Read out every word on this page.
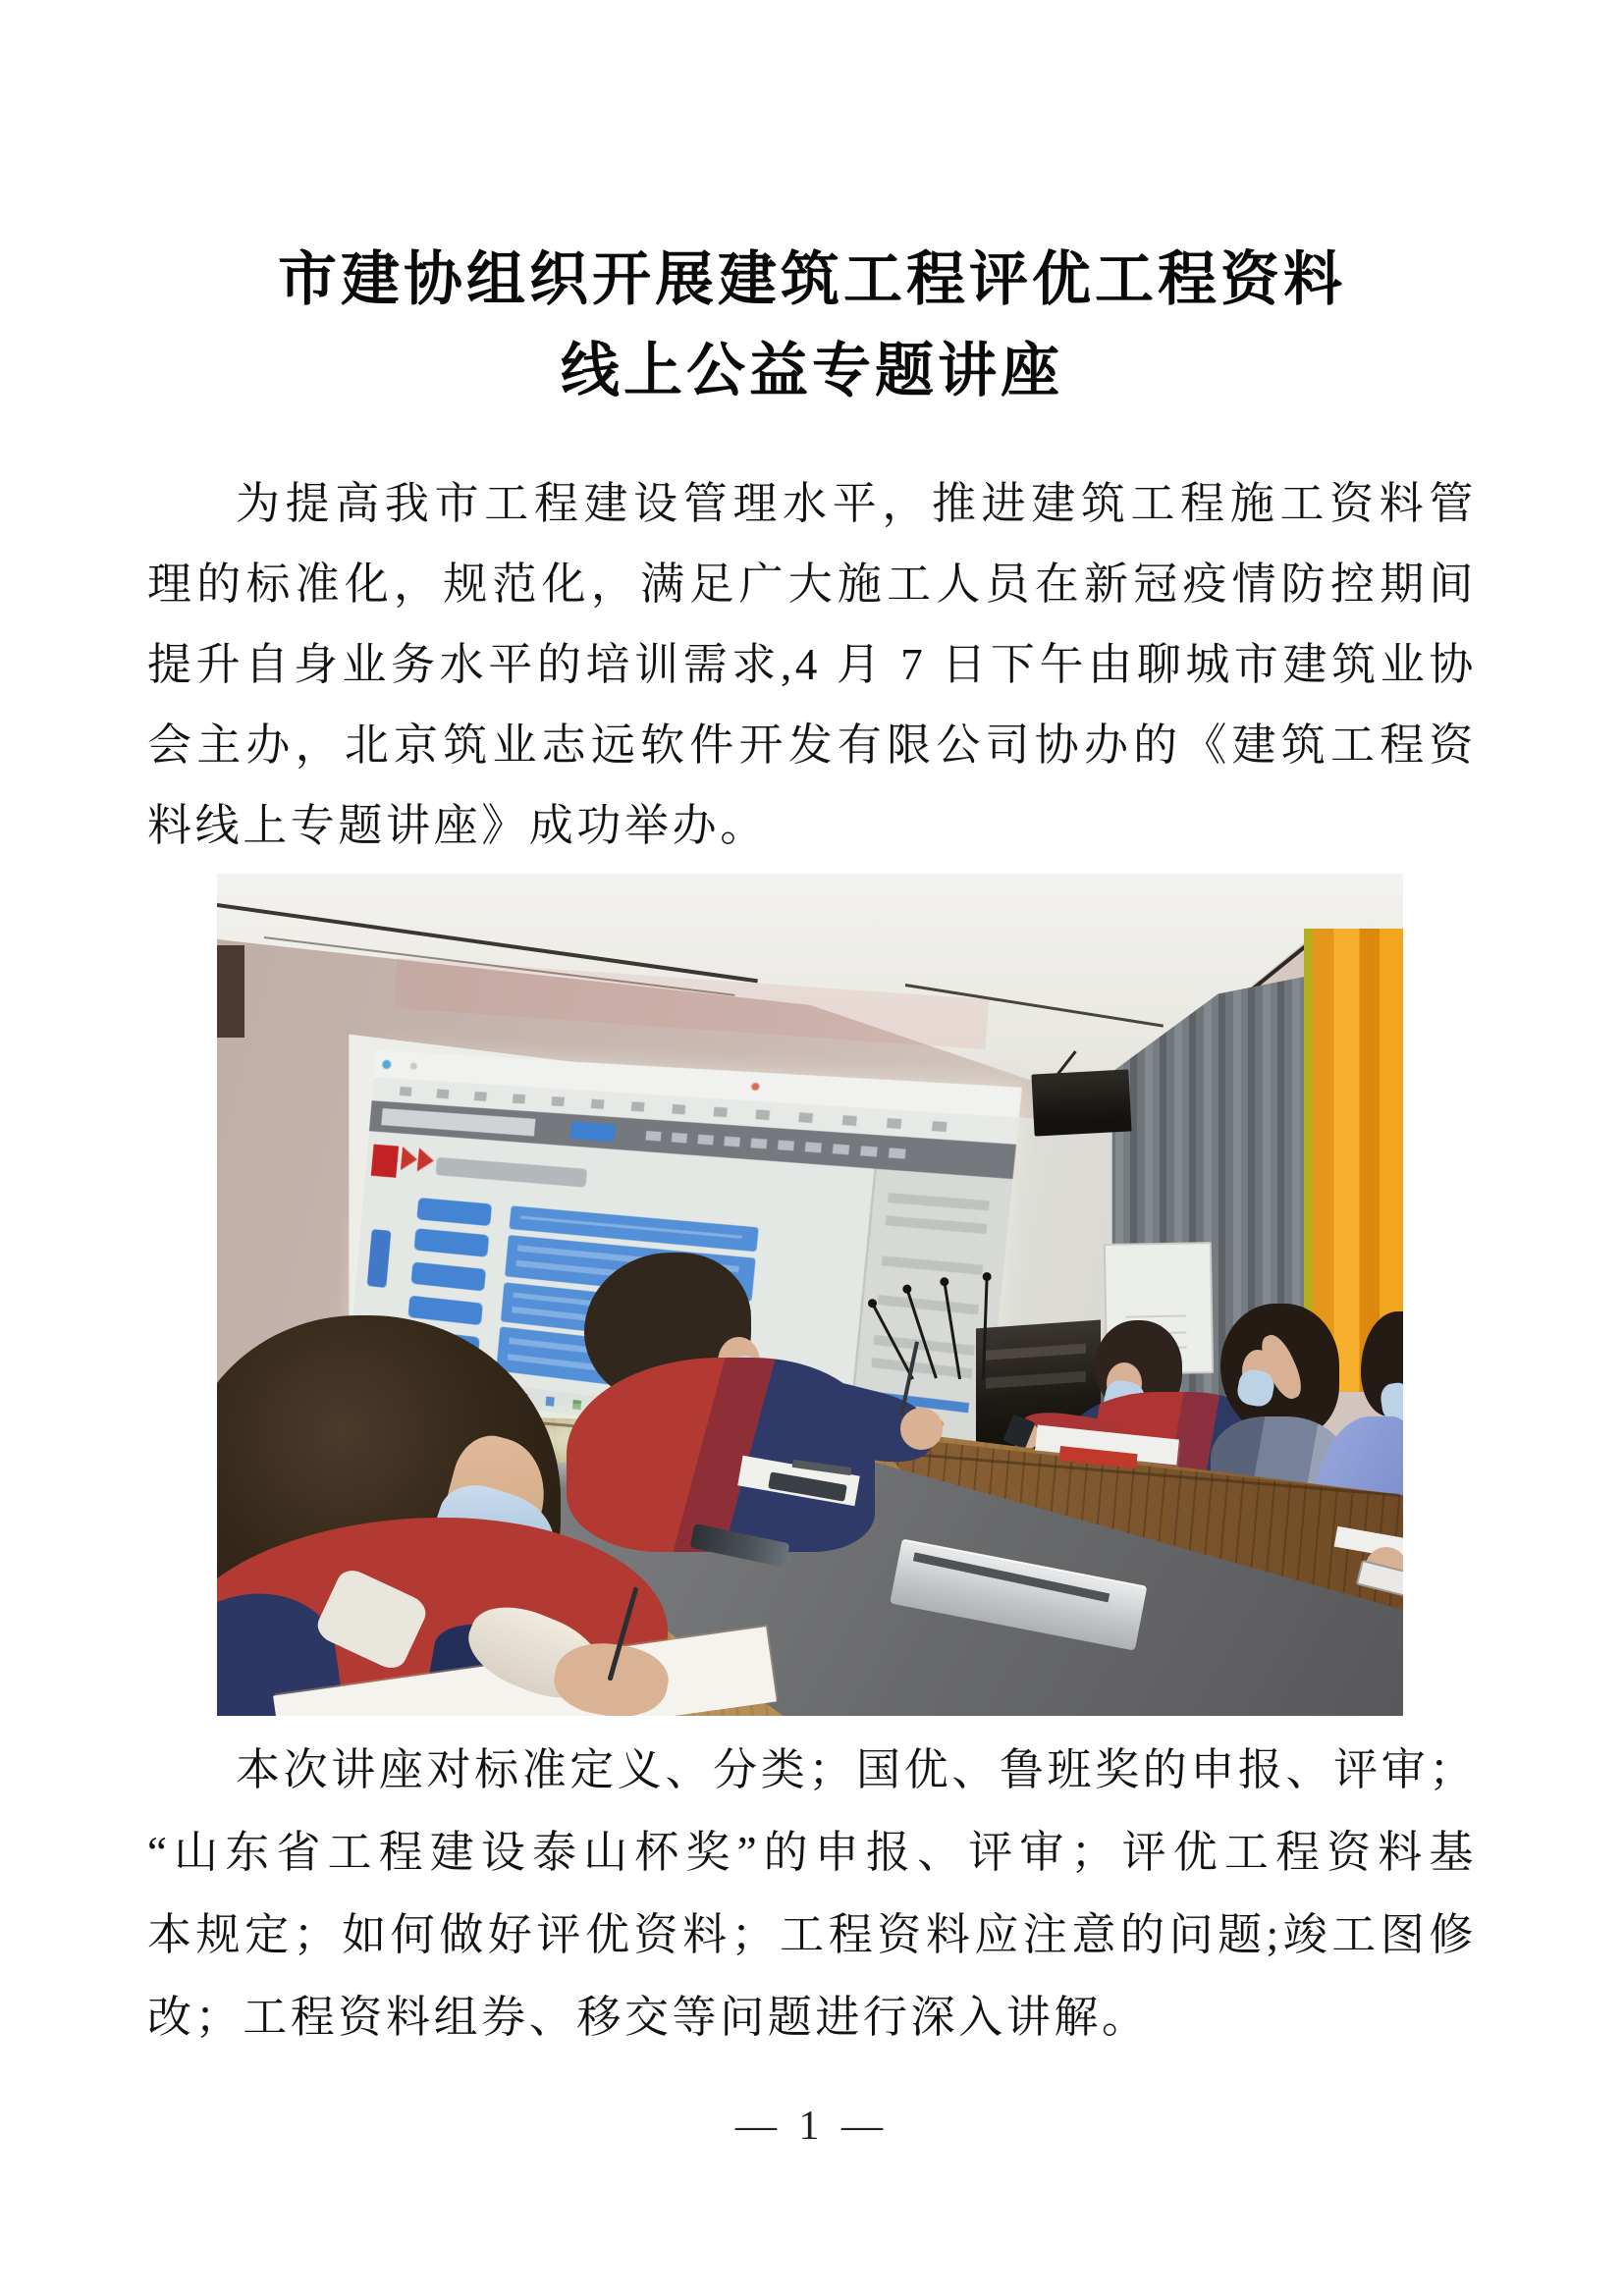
市建协组织开展建筑工程评优工程资料
线上公益专题讲座
为提高我市工程建设管理水平，推进建筑工程施工资料管
理的标准化，规范化，满足广大施工人员在新冠疫情防控期间
提升自身业务水平的培训需求,4 月 7 日下午由聊城市建筑业协
会主办，北京筑业志远软件开发有限公司协办的《建筑工程资
料线上专题讲座》成功举办。
本次讲座对标准定义、分类；国优、鲁班奖的申报、评审；
“山东省工程建设泰山杯奖”的申报、评审；评优工程资料基
本规定；如何做好评优资料；工程资料应注意的问题;竣工图修
改；工程资料组券、移交等问题进行深入讲解。
— 1 —
